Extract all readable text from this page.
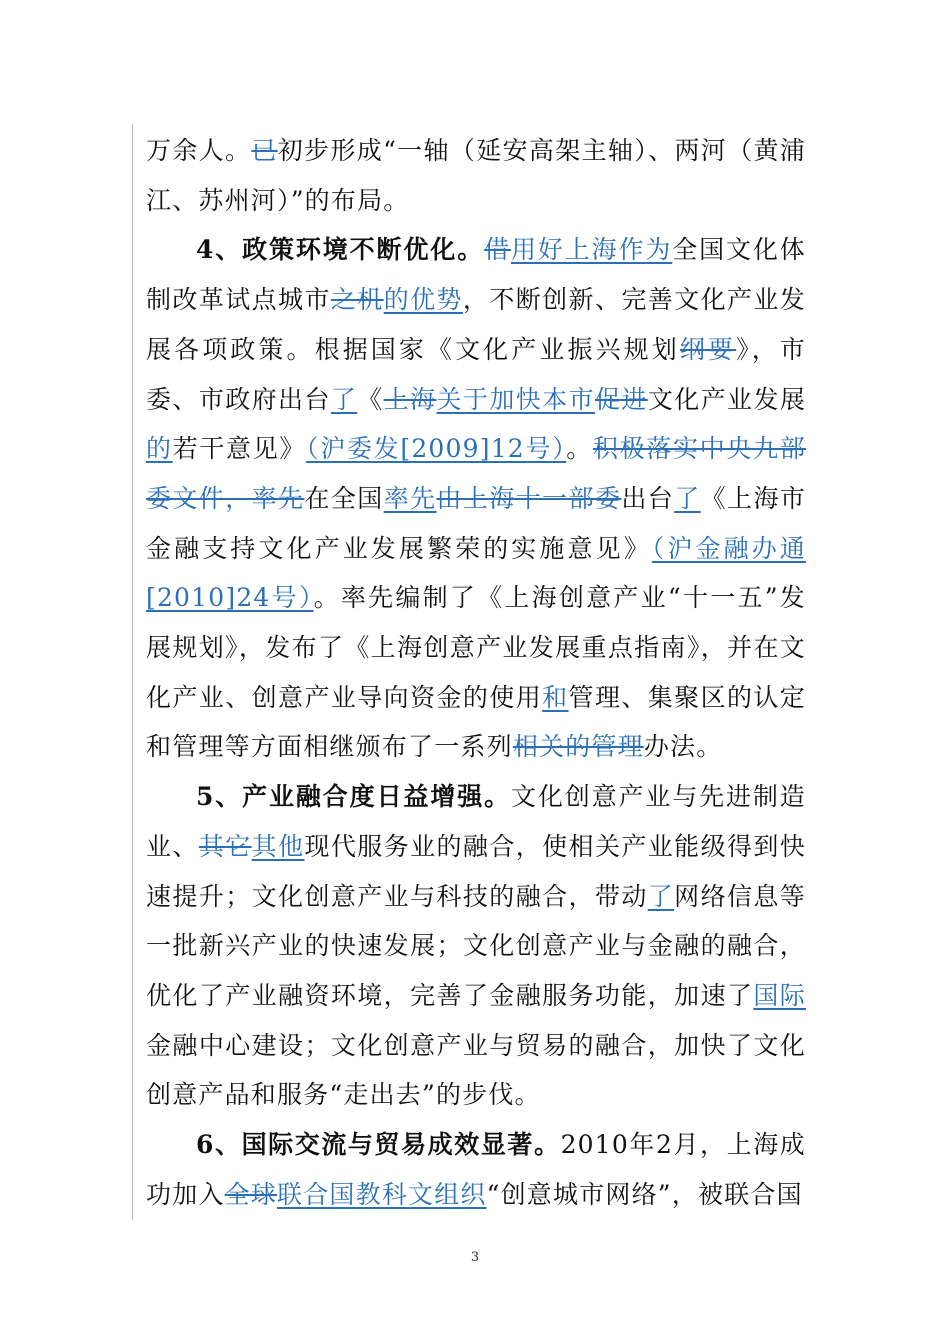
万余人。已初步形成“一轴（延安高架主轴）、两河（黄浦江、苏州河）”的布局。

4、政策环境不断优化。借用好上海作为全国文化体制改革试点城市之机的优势，不断创新、完善文化产业发展各项政策。根据国家《文化产业振兴规划纲要》，市委、市政府出台了《上海关于加快本市促进文化产业发展的若干意见》（沪委发[2009]12号）。积极落实中央九部委文件，率先在全国率先由上海十一部委出台了《上海市金融支持文化产业发展繁荣的实施意见》（沪金融办通[2010]24号）。率先编制了《上海创意产业“十一五”发展规划》，发布了《上海创意产业发展重点指南》，并在文化产业、创意产业导向资金的使用和管理、集聚区的认定和管理等方面相继颁布了一系列相关的管理办法。

5、产业融合度日益增强。文化创意产业与先进制造业、其它其他现代服务业的融合，使相关产业能级得到快速提升；文化创意产业与科技的融合，带动了网络信息等一批新兴产业的快速发展；文化创意产业与金融的融合，优化了产业融资环境，完善了金融服务功能，加速了国际金融中心建设；文化创意产业与贸易的融合，加快了文化创意产品和服务“走出去”的步伐。

6、国际交流与贸易成效显著。2010年2月，上海成功加入全球联合国教科文组织“创意城市网络”，被联合国

3
